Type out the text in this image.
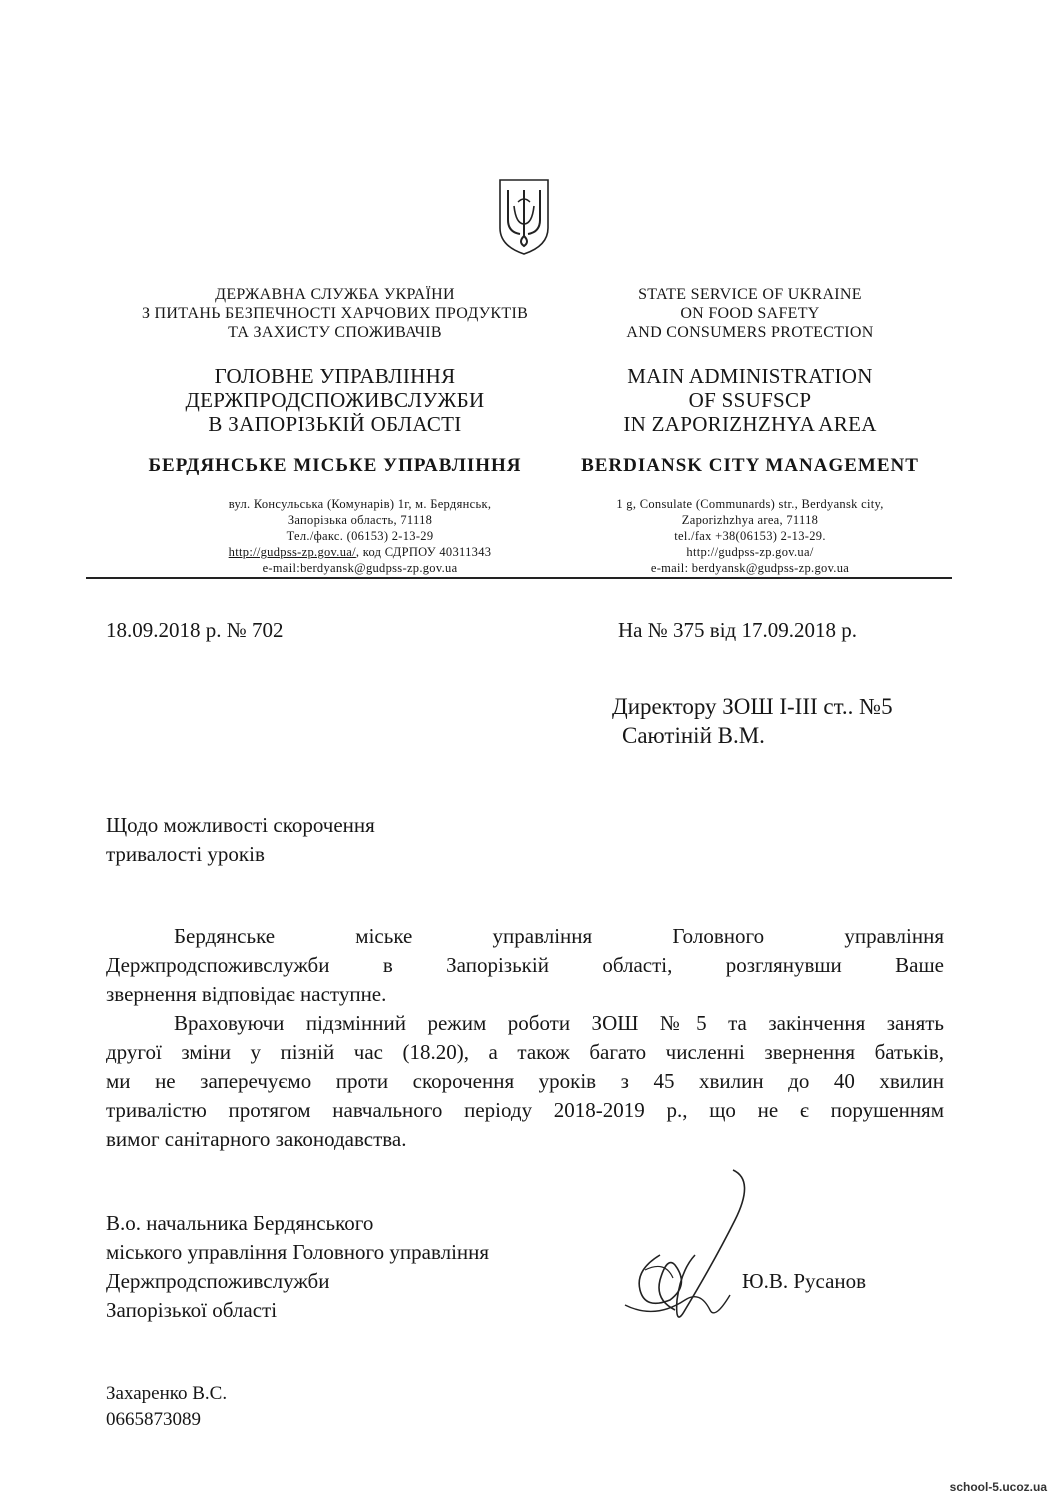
ДЕРЖАВНА СЛУЖБА УКРАЇНИ
З ПИТАНЬ БЕЗПЕЧНОСТІ ХАРЧОВИХ ПРОДУКТІВ
ТА ЗАХИСТУ СПОЖИВАЧІВ
ГОЛОВНЕ УПРАВЛІННЯ
ДЕРЖПРОДСПОЖИВСЛУЖБИ
В ЗАПОРІЗЬКІЙ ОБЛАСТІ
БЕРДЯНСЬКЕ МІСЬКЕ УПРАВЛІННЯ
вул. Консульська (Комунарів) 1г, м. Бердянськ,
Запорізька область, 71118
Тел./факс. (06153) 2-13-29
http://gudpss-zp.gov.ua/, код СДРПОУ 40311343
e-mail:berdyansk@gudpss-zp.gov.ua
STATE SERVICE OF UKRAINE
ON FOOD SAFETY
AND CONSUMERS PROTECTION
MAIN ADMINISTRATION
OF SSUFSCP
IN ZAPORIZHZHYA AREA
BERDIANSK CITY MANAGEMENT
1 g, Consulate (Communards) str., Berdyansk city,
Zaporizhzhya area, 71118
tel./fax +38(06153) 2-13-29.
http://gudpss-zp.gov.ua/
e-mail: berdyansk@gudpss-zp.gov.ua
18.09.2018 р. № 702	На № 375 від 17.09.2018 р.
Директору ЗОШ І-ІІІ ст.. №5
Саютіній В.М.
Щодо можливості скорочення
тривалості уроків
Бердянське міське управління Головного управління
Держпродспоживслужби в Запорізькій області, розглянувши Ваше
звернення відповідає наступне.
Враховуючи підзмінний режим роботи ЗОШ №5 та закінчення занять
другої зміни у пізній час (18.20), а також багато численні звернення батьків,
ми не заперечуємо проти скорочення уроків з 45 хвилин до 40 хвилин
тривалістю протягом навчального періоду 2018-2019 р., що не є порушенням
вимог санітарного законодавства.
В.о. начальника Бердянського
міського управління Головного управління
Держпродспоживслужби
Запорізької області
Ю.В. Русанов
Захаренко В.С.
0665873089
school-5.ucoz.ua
